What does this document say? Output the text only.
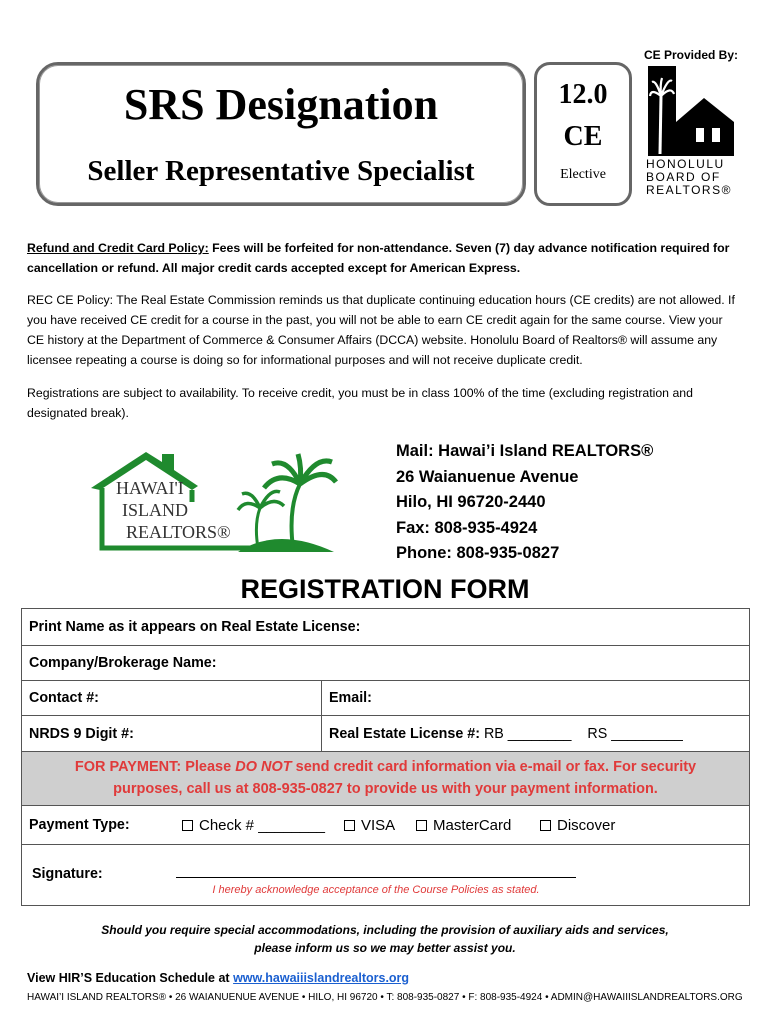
CE Provided By:
SRS Designation
Seller Representative Specialist
12.0
CE
Elective
HONOLULU
BOARD OF
REALTORS®
Refund and Credit Card Policy: Fees will be forfeited for non-attendance. Seven (7) day advance notification required for cancellation or refund. All major credit cards accepted except for American Express.
REC CE Policy: The Real Estate Commission reminds us that duplicate continuing education hours (CE credits) are not allowed. If you have received CE credit for a course in the past, you will not be able to earn CE credit again for the same course. View your CE history at the Department of Commerce & Consumer Affairs (DCCA) website. Honolulu Board of Realtors® will assume any licensee repeating a course is doing so for informational purposes and will not receive duplicate credit.
Registrations are subject to availability. To receive credit, you must be in class 100% of the time (excluding registration and designated break).
HAWAI'I
ISLAND
REALTORS®
Mail: Hawai’i Island REALTORS®
26 Waianuenue Avenue
Hilo, HI 96720-2440
Fax: 808-935-4924
Phone: 808-935-0827
REGISTRATION FORM
Print Name as it appears on Real Estate License:
Company/Brokerage Name:
Contact #:	Email:
NRDS 9 Digit #:	Real Estate License #: RB ________ RS _________
FOR PAYMENT: Please DO NOT send credit card information via e-mail or fax. For security
purposes, call us at 808-935-0827 to provide us with your payment information.
Payment Type:	Check # ________ VISA	MasterCard	Discover
Signature:
I hereby acknowledge acceptance of the Course Policies as stated.
Should you require special accommodations, including the provision of auxiliary aids and services,
please inform us so we may better assist you.
View HIR’S Education Schedule at www.hawaiiislandrealtors.org
HAWAI’I ISLAND REALTORS® • 26 WAIANUENUE AVENUE • HILO, HI 96720 • T: 808-935-0827 • F: 808-935-4924 • ADMIN@HAWAIIISLANDREALTORS.ORG
